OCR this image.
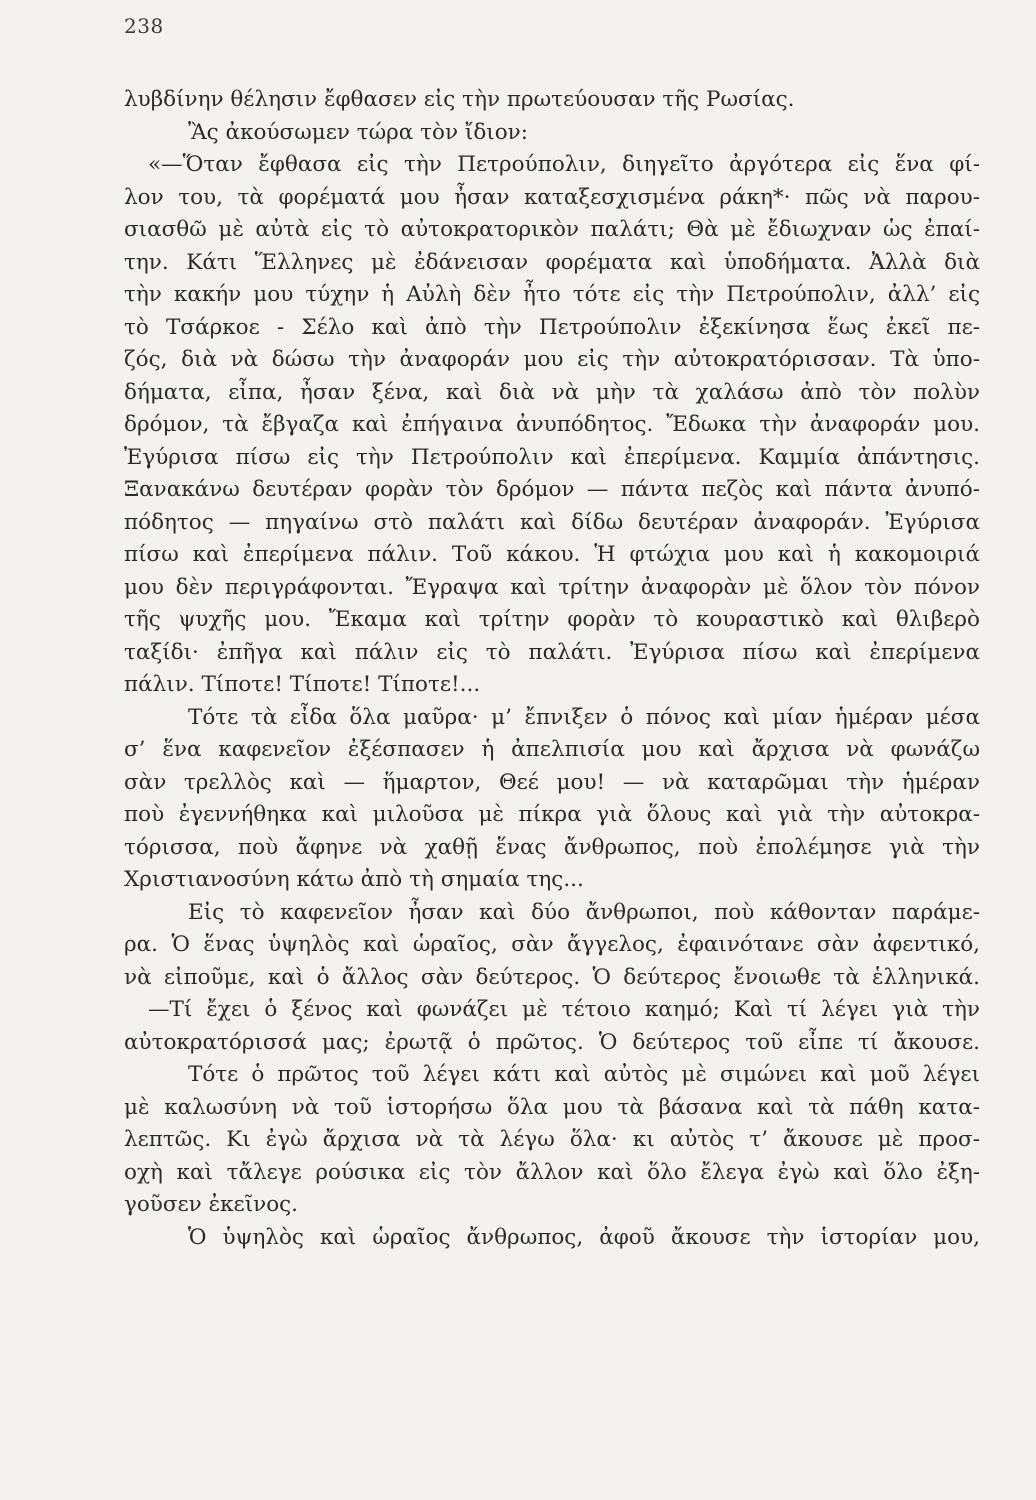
238
λυβδίνην θέλησιν ἔφθασεν εἰς τὴν πρωτεύουσαν τῆς Ρωσίας.
Ἂς ἀκούσωμεν τώρα τὸν ἴδιον:
«—Ὅταν ἔφθασα εἰς τὴν Πετρούπολιν, διηγεῖτο ἀργότερα εἰς ἕνα φί-
λον του, τὰ φορέματά μου ἦσαν καταξεσχισμένα ράκη*· πῶς νὰ παρου-
σιασθῶ μὲ αὐτὰ εἰς τὸ αὐτοκρατορικὸν παλάτι; Θὰ μὲ ἔδιωχναν ὡς ἐπαί-
την. Κάτι Ἕλληνες μὲ ἐδάνεισαν φορέματα καὶ ὑποδήματα. Ἀλλὰ διὰ
τὴν κακήν μου τύχην ἡ Αὐλὴ δὲν ἦτο τότε εἰς τὴν Πετρούπολιν, ἀλλ’ εἰς
τὸ Τσάρκοε - Σέλο καὶ ἀπὸ τὴν Πετρούπολιν ἐξεκίνησα ἕως ἐκεῖ πε-
ζός, διὰ νὰ δώσω τὴν ἀναφοράν μου εἰς τὴν αὐτοκρατόρισσαν. Τὰ ὑπο-
δήματα, εἶπα, ἦσαν ξένα, καὶ διὰ νὰ μὴν τὰ χαλάσω ἀπὸ τὸν πολὺν
δρόμον, τὰ ἔβγαζα καὶ ἐπήγαινα ἀνυπόδητος. Ἔδωκα τὴν ἀναφοράν μου.
Ἐγύρισα πίσω εἰς τὴν Πετρούπολιν καὶ ἐπερίμενα. Καμμία ἀπάντησις.
Ξανακάνω δευτέραν φορὰν τὸν δρόμον — πάντα πεζὸς καὶ πάντα ἀνυπό-
πόδητος — πηγαίνω στὸ παλάτι καὶ δίδω δευτέραν ἀναφοράν. Ἐγύρισα
πίσω καὶ ἐπερίμενα πάλιν. Τοῦ κάκου. Ἡ φτώχια μου καὶ ἡ κακομοιριά
μου δὲν περιγράφονται. Ἔγραψα καὶ τρίτην ἀναφορὰν μὲ ὅλον τὸν πόνον
τῆς ψυχῆς μου. Ἔκαμα καὶ τρίτην φορὰν τὸ κουραστικὸ καὶ θλιβερὸ
ταξίδι· ἐπῆγα καὶ πάλιν εἰς τὸ παλάτι. Ἐγύρισα πίσω καὶ ἐπερίμενα
πάλιν. Τίποτε! Τίποτε! Τίποτε!...
Τότε τὰ εἶδα ὅλα μαῦρα· μ’ ἔπνιξεν ὁ πόνος καὶ μίαν ἡμέραν μέσα
σ’ ἕνα καφενεῖον ἐξέσπασεν ἡ ἀπελπισία μου καὶ ἄρχισα νὰ φωνάζω
σὰν τρελλὸς καὶ — ἥμαρτον, Θεέ μου! — νὰ καταρῶμαι τὴν ἡμέραν
ποὺ ἐγεννήθηκα καὶ μιλοῦσα μὲ πίκρα γιὰ ὅλους καὶ γιὰ τὴν αὐτοκρα-
τόρισσα, ποὺ ἄφηνε νὰ χαθῇ ἕνας ἄνθρωπος, ποὺ ἐπολέμησε γιὰ τὴν
Χριστιανοσύνη κάτω ἀπὸ τὴ σημαία της...
Εἰς τὸ καφενεῖον ἦσαν καὶ δύο ἄνθρωποι, ποὺ κάθονταν παράμε-
ρα. Ὁ ἕνας ὑψηλὸς καὶ ὡραῖος, σὰν ἄγγελος, ἐφαινότανε σὰν ἀφεντικό,
νὰ εἰποῦμε, καὶ ὁ ἄλλος σὰν δεύτερος. Ὁ δεύτερος ἔνοιωθε τὰ ἑλληνικά.
—Τί ἔχει ὁ ξένος καὶ φωνάζει μὲ τέτοιο καημό; Καὶ τί λέγει γιὰ τὴν
αὐτοκρατόρισσά μας; ἐρωτᾷ ὁ πρῶτος. Ὁ δεύτερος τοῦ εἶπε τί ἄκουσε.
Τότε ὁ πρῶτος τοῦ λέγει κάτι καὶ αὐτὸς μὲ σιμώνει καὶ μοῦ λέγει
μὲ καλωσύνη νὰ τοῦ ἱστορήσω ὅλα μου τὰ βάσανα καὶ τὰ πάθη κατα-
λεπτῶς. Κι ἐγὼ ἄρχισα νὰ τὰ λέγω ὅλα· κι αὐτὸς τ’ ἄκουσε μὲ προσ-
οχὴ καὶ τἄλεγε ρούσικα εἰς τὸν ἄλλον καὶ ὅλο ἔλεγα ἐγὼ καὶ ὅλο ἐξη-
γοῦσεν ἐκεῖνος.
Ὁ ὑψηλὸς καὶ ὡραῖος ἄνθρωπος, ἀφοῦ ἄκουσε τὴν ἱστορίαν μου,
